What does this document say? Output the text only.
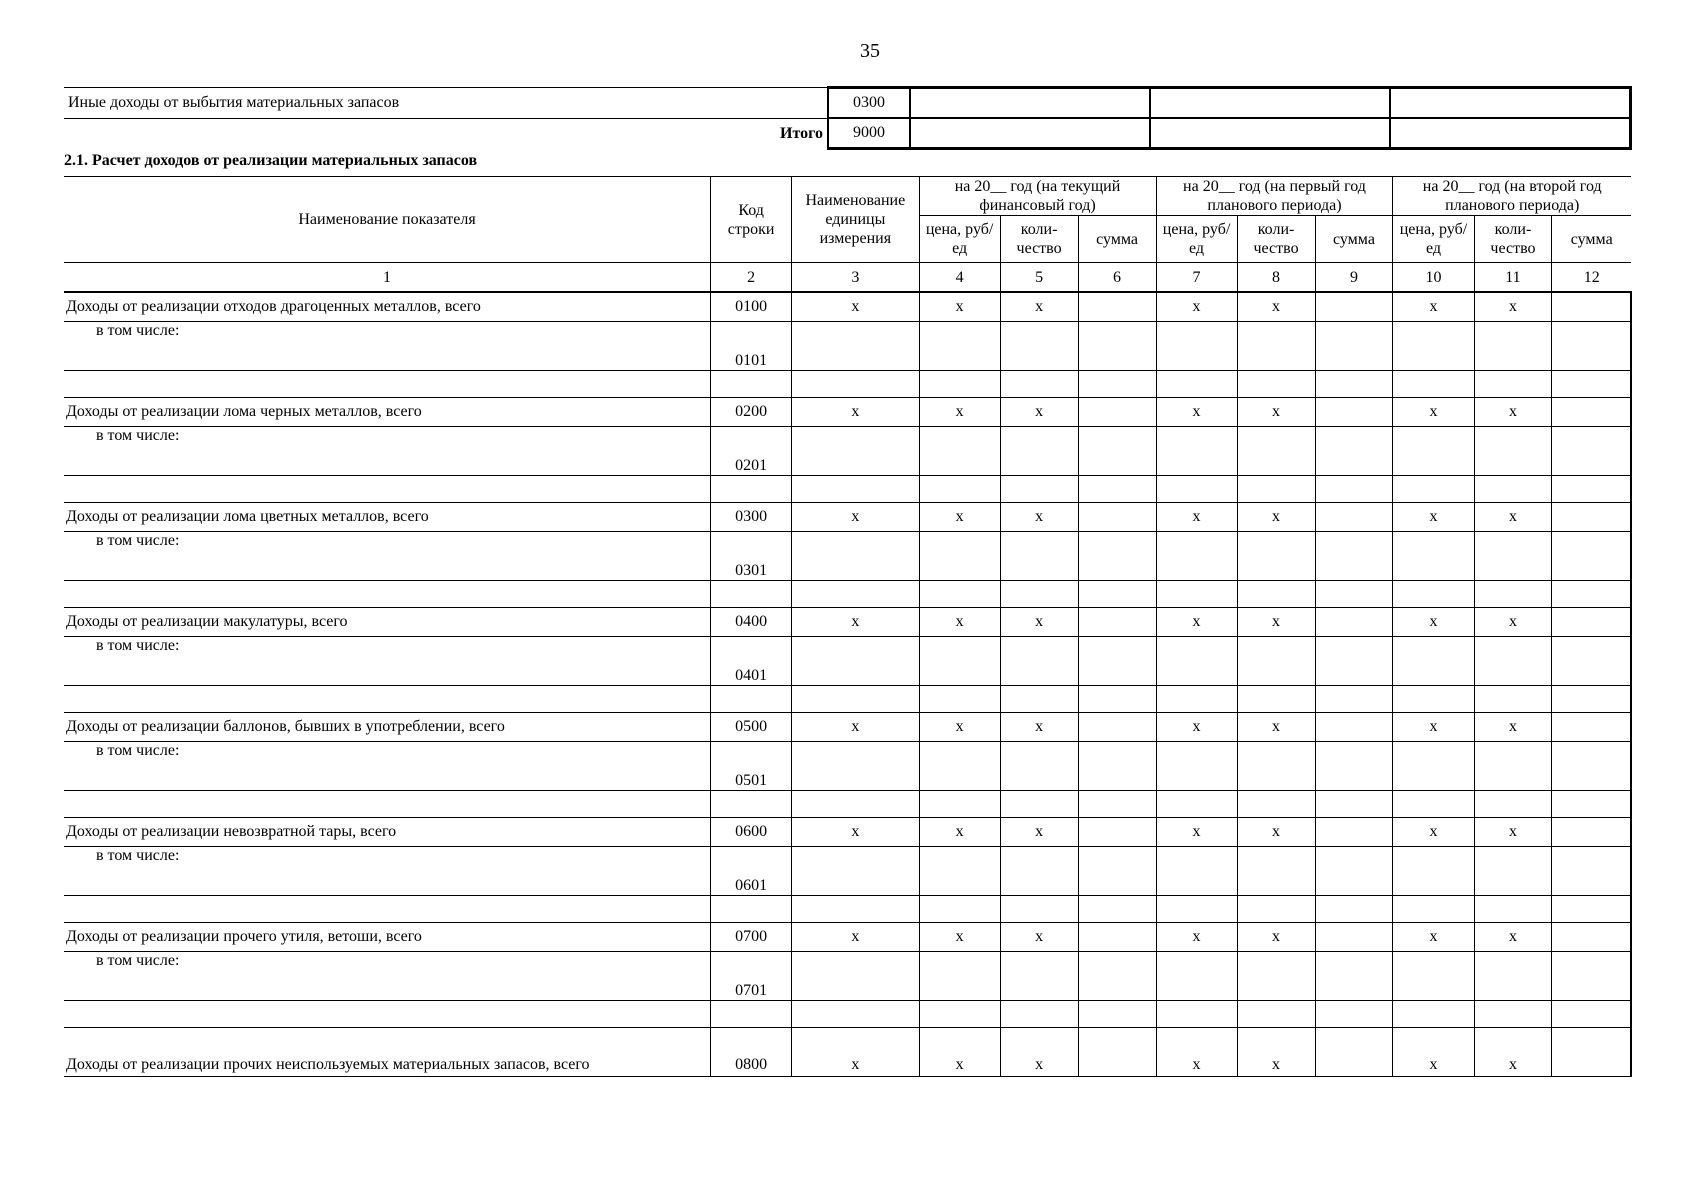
35
Иные доходы от выбытия материальных запасов	0300			
Итого	9000			
2.1. Расчет доходов от реализации материальных запасов
Наименование показателя	Код строки	Наименование единицы измерения	на 20__ год (на текущий финансовый год)			на 20__ год (на первый год планового периода)			на 20__ год (на второй год планового периода)		
			цена, руб/ед	коли-чество	сумма	цена, руб/ед	коли-чество	сумма	цена, руб/ед	коли-чество	сумма
1	2	3	4	5	6	7	8	9	10	11	12
Доходы от реализации отходов драгоценных металлов, всего	0100	х	х	х		х	х		х	х	
в том числе:	0101										

Доходы от реализации лома черных металлов, всего	0200	х	х	х		х	х		х	х	
в том числе:	0201										

Доходы от реализации лома цветных металлов, всего	0300	х	х	х		х	х		х	х	
в том числе:	0301										

Доходы от реализации макулатуры, всего	0400	х	х	х		х	х		х	х	
в том числе:	0401										

Доходы от реализации баллонов, бывших в употреблении, всего	0500	х	х	х		х	х		х	х	
в том числе:	0501										

Доходы от реализации невозвратной тары, всего	0600	х	х	х		х	х		х	х	
в том числе:	0601										

Доходы от реализации прочего утиля, ветоши, всего	0700	х	х	х		х	х		х	х	
в том числе:	0701										

Доходы от реализации прочих неиспользуемых материальных запасов, всего	0800	х	х	х		х	х		х	х	
